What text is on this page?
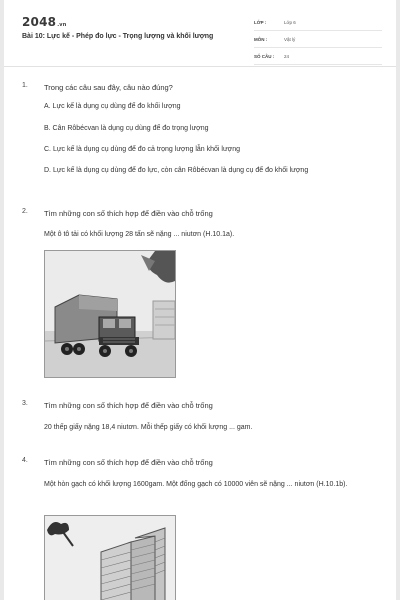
2048.vn
Bài 10: Lực kế - Phép đo lực - Trọng lượng và khối lượng
LỚP :	Lớp 6
MÔN :	Vật lý
SỐ CÂU :	24
1. Trong các câu sau đây, câu nào đúng?
A. Lực kế là dụng cụ dùng để đo khối lượng
B. Cân Rôbécvan là dụng cụ dùng để đo trọng lượng
C. Lực kế là dụng cụ dùng để đo cả trọng lượng lẫn khối lượng
D. Lực kế là dụng cụ dùng để đo lực, còn cân Rôbécvan là dụng cụ để đo khối lượng
2. Tìm những con số thích hợp để điền vào chỗ trống
Một ô tô tải có khối lượng 28 tấn sẽ nặng ... niutơn (H.10.1a).
3. Tìm những con số thích hợp để điền vào chỗ trống
20 thếp giấy nặng 18,4 niutơn. Mỗi thếp giấy có khối lượng ... gam.
4. Tìm những con số thích hợp để điền vào chỗ trống
Một hòn gạch có khối lượng 1600gam. Một đống gạch có 10000 viên sẽ nặng ... niutơn (H.10.1b).
